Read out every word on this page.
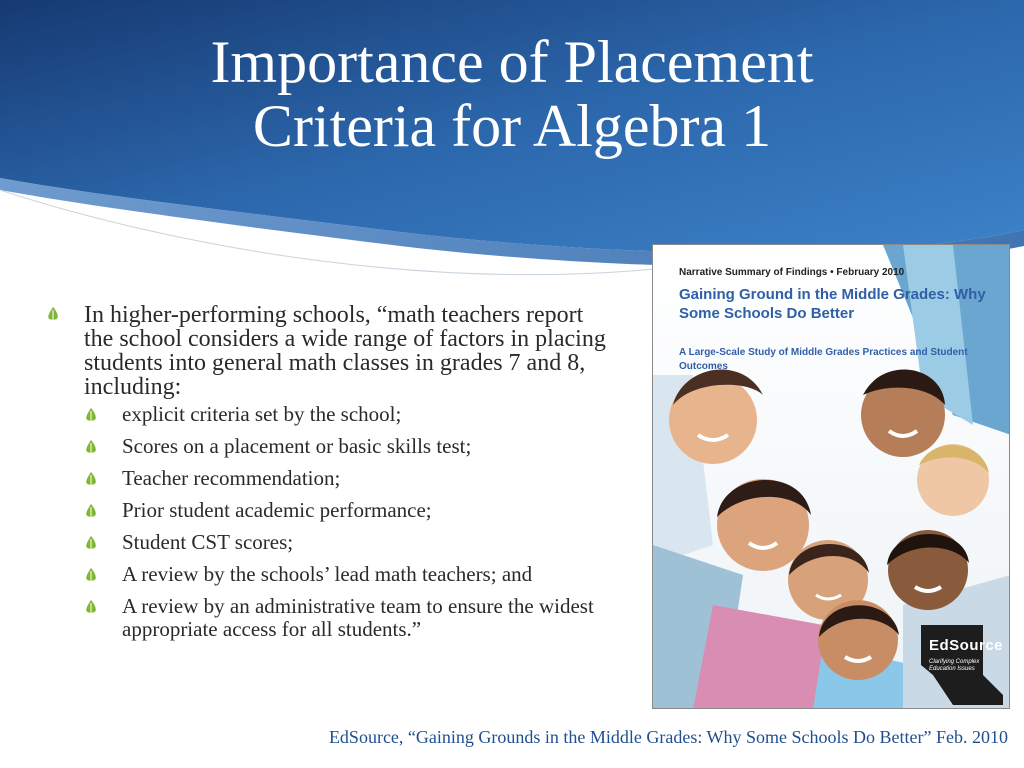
Importance of Placement
Criteria for Algebra 1
In higher-performing schools, “math teachers report the school considers a wide range of factors in placing students into general math classes in grades 7 and 8, including:
explicit criteria set by the school;
Scores on a placement or basic skills test;
Teacher recommendation;
Prior student academic performance;
Student CST scores;
A review by the schools’ lead math teachers; and
A review by an administrative team to ensure the widest appropriate access for all students.”
Narrative Summary of Findings • February 2010
Gaining Ground in the Middle Grades: Why Some Schools Do Better
A Large-Scale Study of Middle Grades Practices and Student Outcomes
EdSource
Clarifying Complex Education Issues
EdSource, “Gaining Grounds in the Middle Grades: Why Some Schools Do Better” Feb. 2010
